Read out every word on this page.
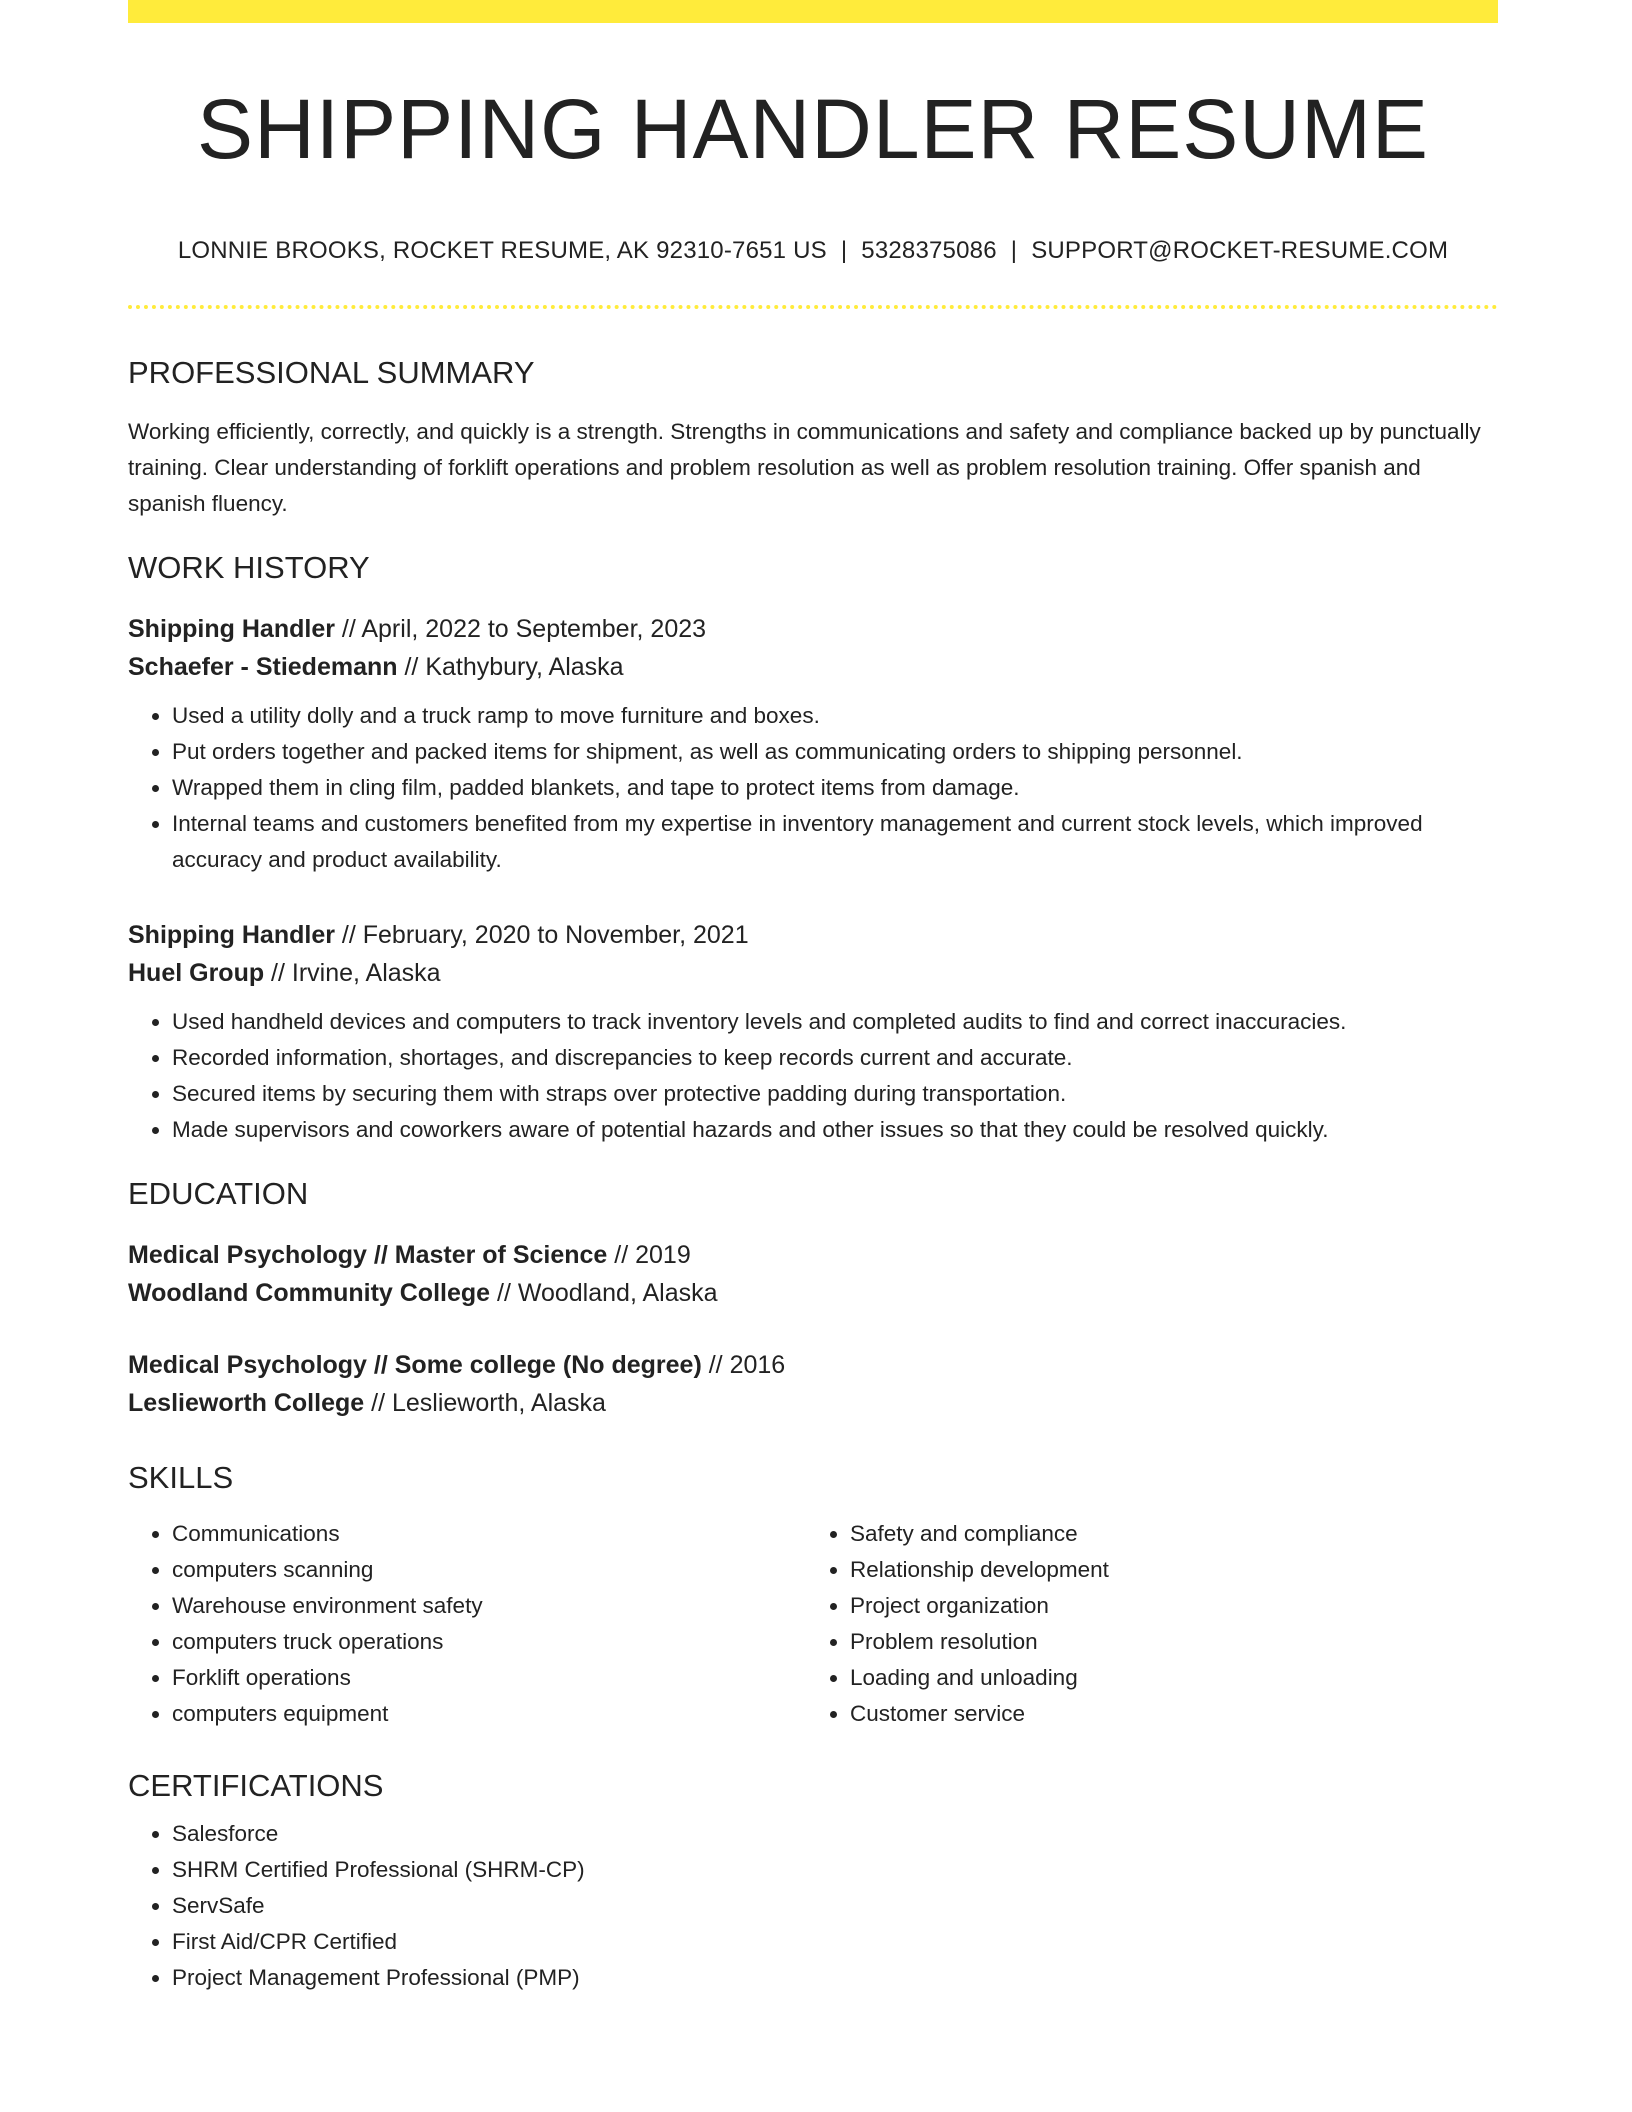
SHIPPING HANDLER RESUME
LONNIE BROOKS, ROCKET RESUME, AK 92310-7651 US | 5328375086 | SUPPORT@ROCKET-RESUME.COM
PROFESSIONAL SUMMARY
Working efficiently, correctly, and quickly is a strength. Strengths in communications and safety and compliance backed up by punctually training. Clear understanding of forklift operations and problem resolution as well as problem resolution training. Offer spanish and spanish fluency.
WORK HISTORY
Shipping Handler // April, 2022 to September, 2023
Schaefer - Stiedemann // Kathybury, Alaska
• Used a utility dolly and a truck ramp to move furniture and boxes.
• Put orders together and packed items for shipment, as well as communicating orders to shipping personnel.
• Wrapped them in cling film, padded blankets, and tape to protect items from damage.
• Internal teams and customers benefited from my expertise in inventory management and current stock levels, which improved accuracy and product availability.
Shipping Handler // February, 2020 to November, 2021
Huel Group // Irvine, Alaska
• Used handheld devices and computers to track inventory levels and completed audits to find and correct inaccuracies.
• Recorded information, shortages, and discrepancies to keep records current and accurate.
• Secured items by securing them with straps over protective padding during transportation.
• Made supervisors and coworkers aware of potential hazards and other issues so that they could be resolved quickly.
EDUCATION
Medical Psychology // Master of Science // 2019
Woodland Community College // Woodland, Alaska
Medical Psychology // Some college (No degree) // 2016
Leslieworth College // Leslieworth, Alaska
SKILLS
• Communications
• computers scanning
• Warehouse environment safety
• computers truck operations
• Forklift operations
• computers equipment
• Safety and compliance
• Relationship development
• Project organization
• Problem resolution
• Loading and unloading
• Customer service
CERTIFICATIONS
• Salesforce
• SHRM Certified Professional (SHRM-CP)
• ServSafe
• First Aid/CPR Certified
• Project Management Professional (PMP)
